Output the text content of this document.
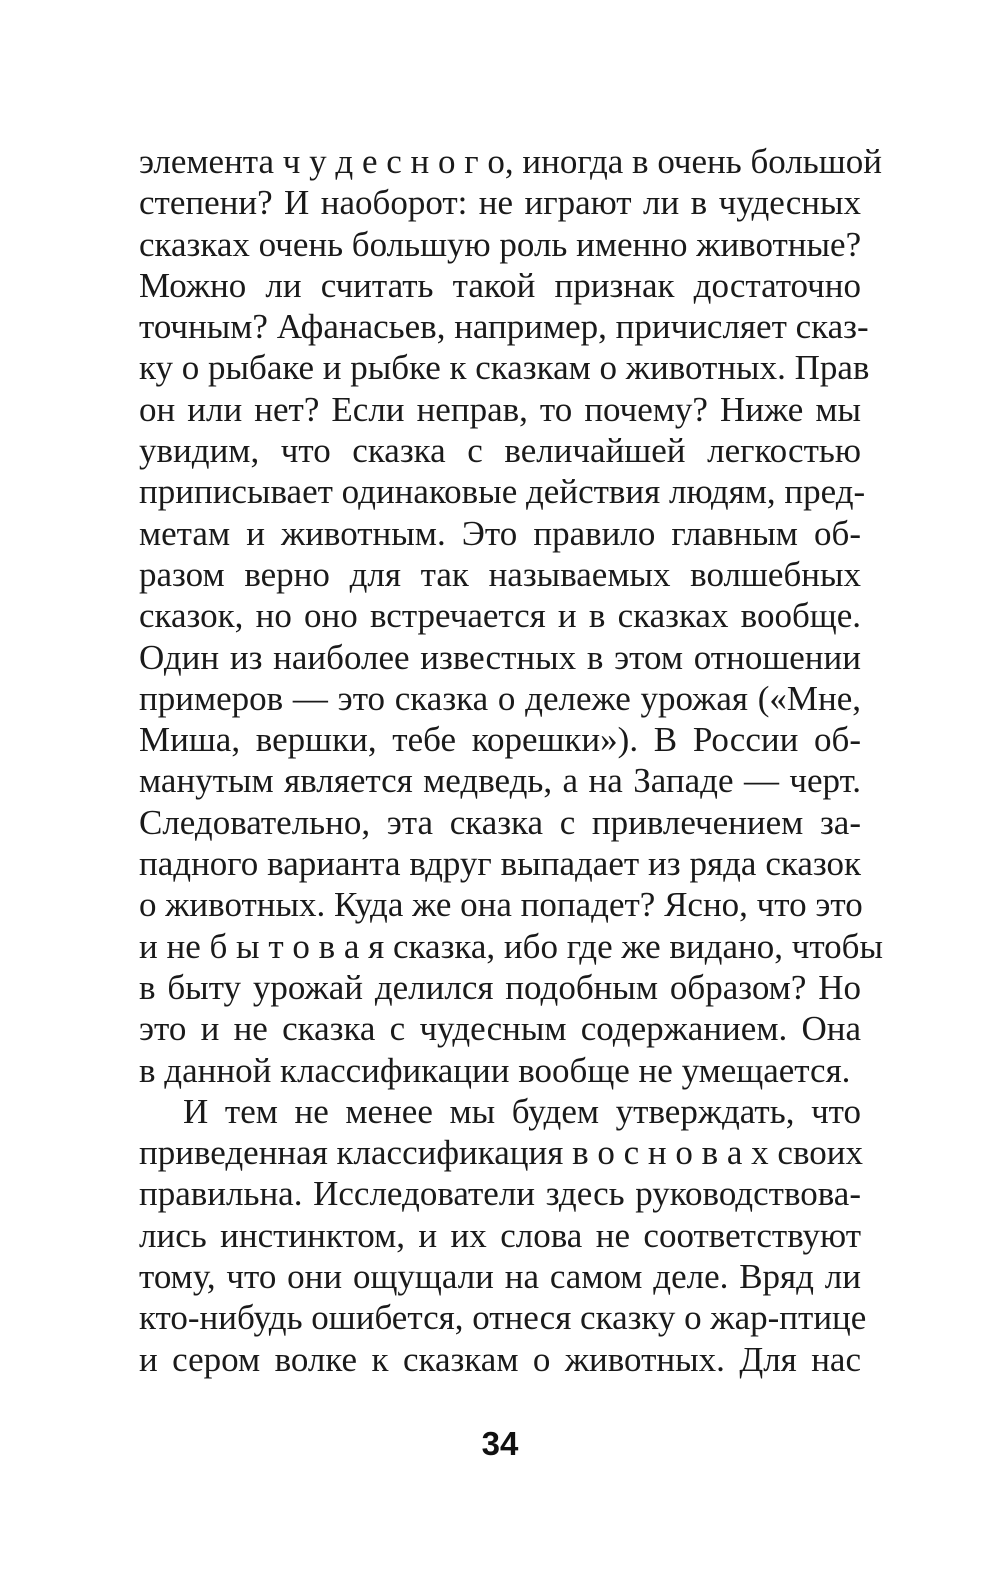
элемента ч у д е с н о г о, иногда в очень большой
степени? И наоборот: не играют ли в чудесных
сказках очень большую роль именно животные?
Можно ли считать такой признак достаточно
точным? Афанасьев, например, причисляет сказ-
ку о рыбаке и рыбке к сказкам о животных. Прав
он или нет? Если неправ, то почему? Ниже мы
увидим, что сказка с величайшей легкостью
приписывает одинаковые действия людям, пред-
метам и животным. Это правило главным об-
разом верно для так называемых волшебных
сказок, но оно встречается и в сказках вообще.
Один из наиболее известных в этом отношении
примеров — это сказка о дележе урожая («Мне,
Миша, вершки, тебе корешки»). В России об-
манутым является медведь, а на Западе — черт.
Следовательно, эта сказка с привлечением за-
падного варианта вдруг выпадает из ряда сказок
о животных. Куда же она попадет? Ясно, что это
и не б ы т о в а я сказка, ибо где же видано, чтобы
в быту урожай делился подобным образом? Но
это и не сказка с чудесным содержанием. Она
в данной классификации вообще не умещается.
И тем не менее мы будем утверждать, что
приведенная классификация в о с н о в а х своих
правильна. Исследователи здесь руководствова-
лись инстинктом, и их слова не соответствуют
тому, что они ощущали на самом деле. Вряд ли
кто-нибудь ошибется, отнеся сказку о жар-птице
и сером волке к сказкам о животных. Для нас
34
